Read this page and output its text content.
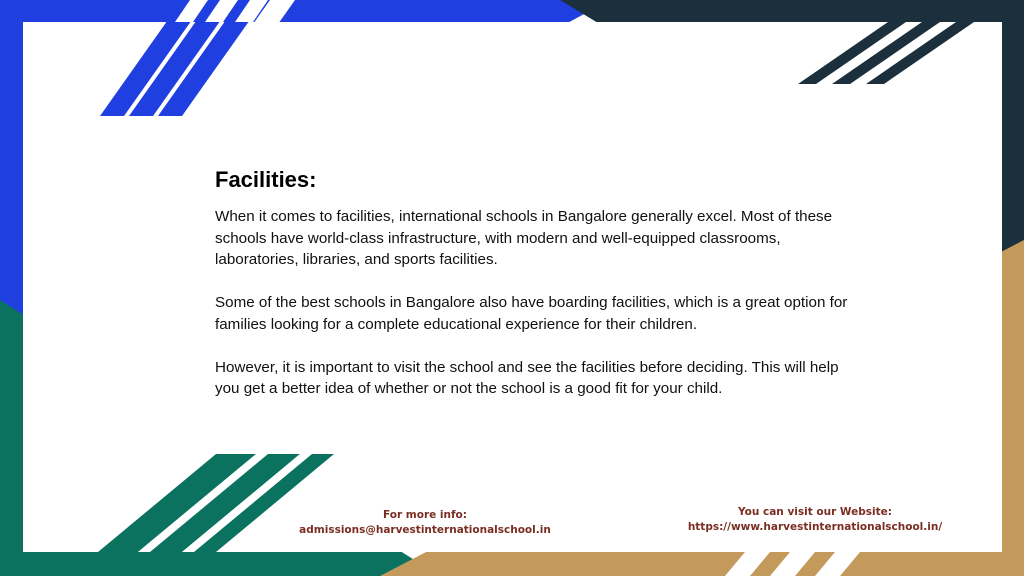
Facilities:

When it comes to facilities, international schools in Bangalore generally excel. Most of these schools have world-class infrastructure, with modern and well-equipped classrooms, laboratories, libraries, and sports facilities.

Some of the best schools in Bangalore also have boarding facilities, which is a great option for families looking for a complete educational experience for their children.

However, it is important to visit the school and see the facilities before deciding. This will help you get a better idea of whether or not the school is a good fit for your child.

For more info:
admissions@harvestinternationalschool.in
You can visit our Website:
https://www.harvestinternationalschool.in/
